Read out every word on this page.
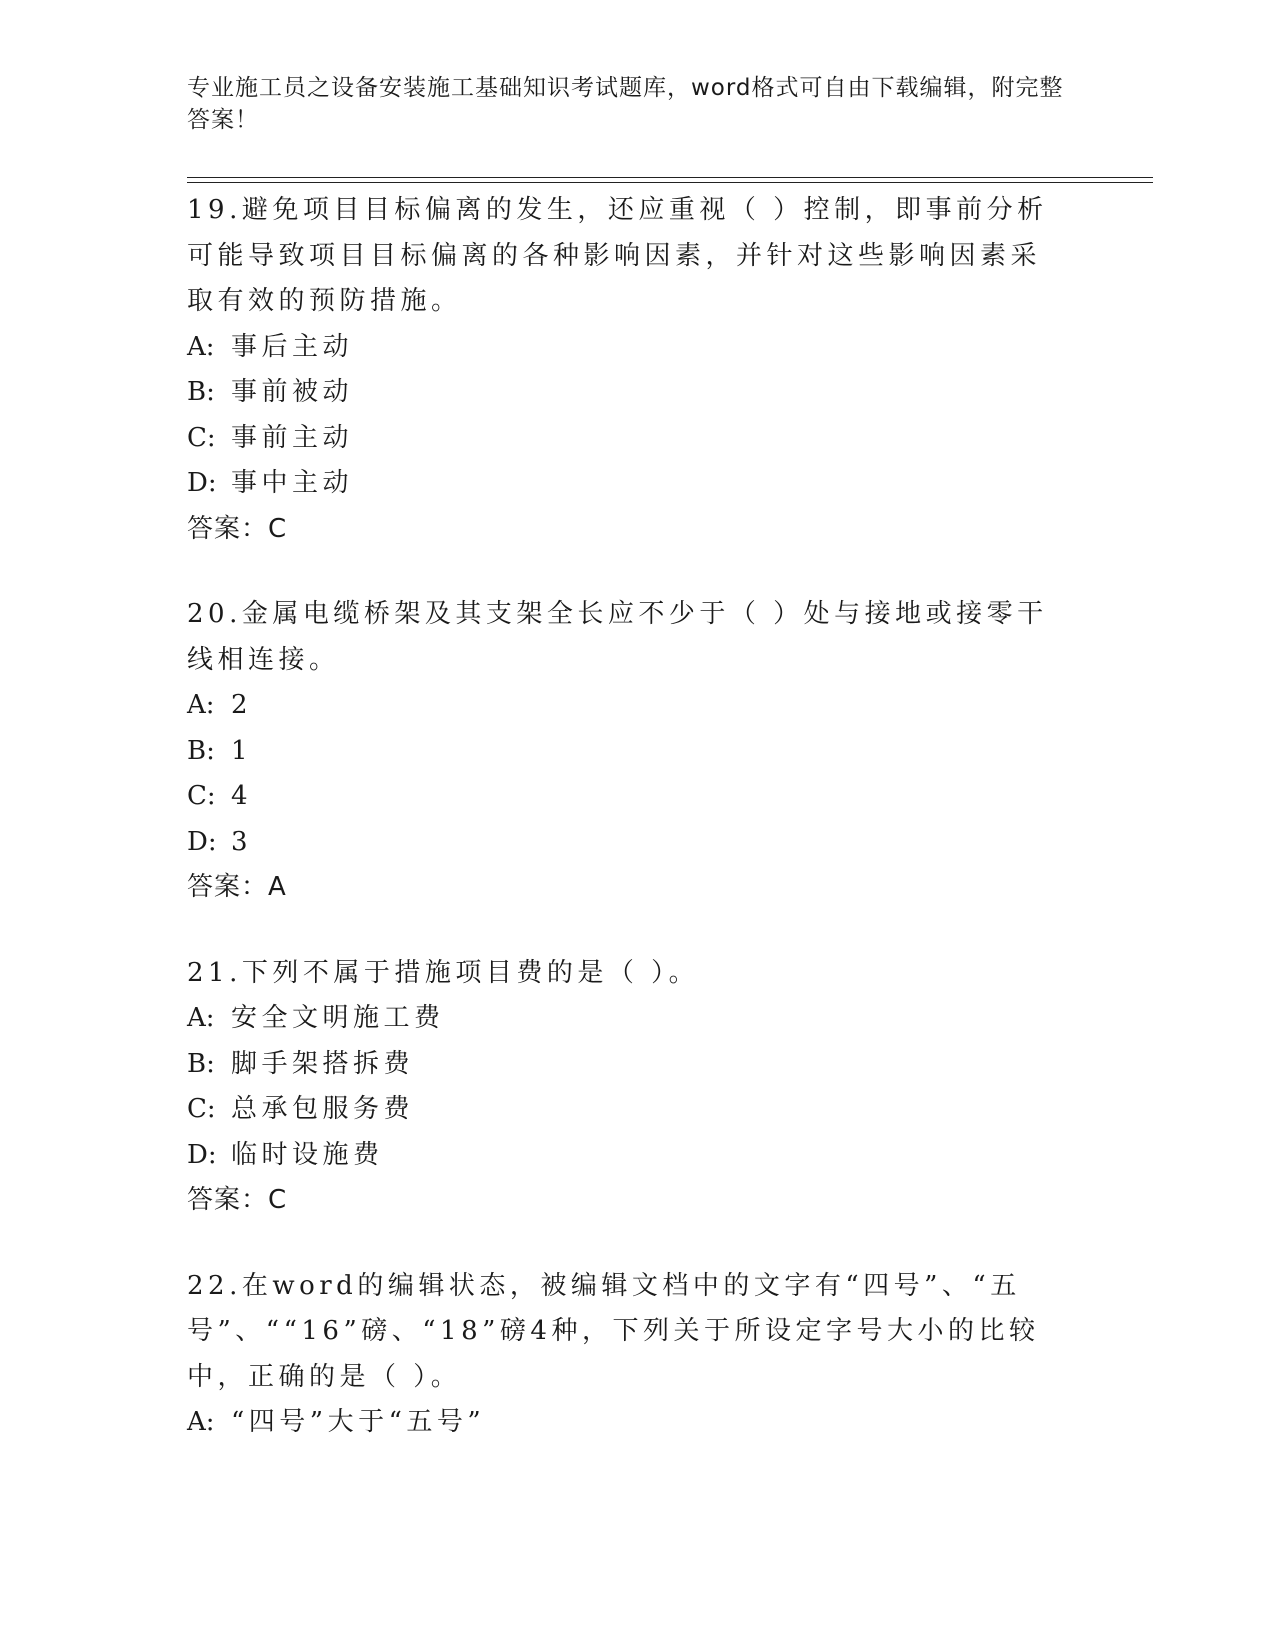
专业施工员之设备安装施工基础知识考试题库，word格式可自由下载编辑，附完整答案！

19.避免项目目标偏离的发生，还应重视（ ）控制，即事前分析可能导致项目目标偏离的各种影响因素，并针对这些影响因素采取有效的预防措施。

A: 事后主动

B: 事前被动

C: 事前主动

D: 事中主动

答案：C

20.金属电缆桥架及其支架全长应不少于（ ）处与接地或接零干线相连接。

A: 2

B: 1

C: 4

D: 3

答案：A

21.下列不属于措施项目费的是（ ）。

A: 安全文明施工费

B: 脚手架搭拆费

C: 总承包服务费

D: 临时设施费

答案：C

22.在word的编辑状态，被编辑文档中的文字有“四号”、“五号”、““16”磅、“18”磅4种，下列关于所设定字号大小的比较中，正确的是（ ）。

A: “四号”大于“五号”
